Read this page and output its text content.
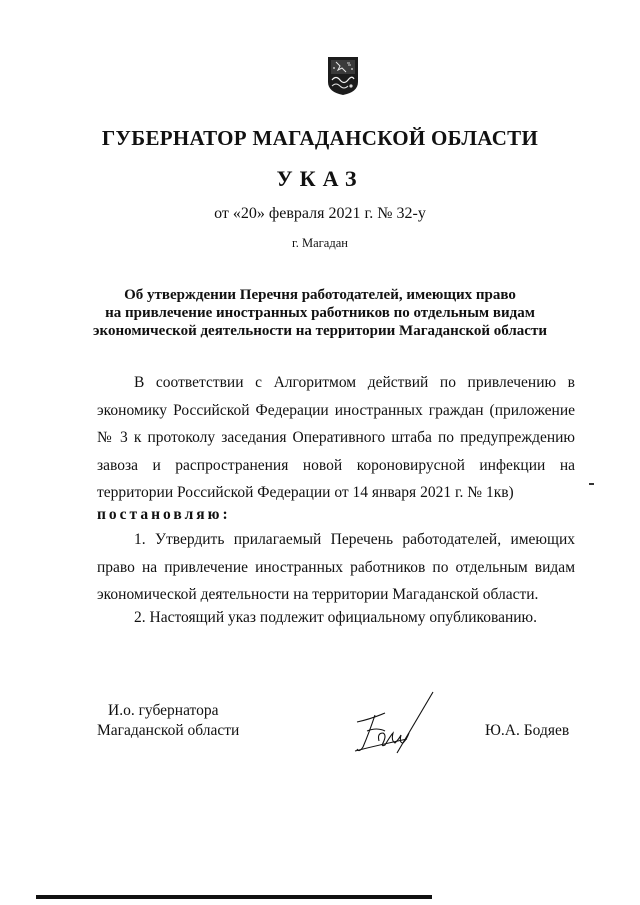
ГУБЕРНАТОР МАГАДАНСКОЙ ОБЛАСТИ
УКАЗ
от «20» февраля 2021 г. № 32-у
г. Магадан
Об утверждении Перечня работодателей, имеющих право
на привлечение иностранных работников по отдельным видам
экономической деятельности на территории Магаданской области

В соответствии с Алгоритмом действий по привлечению в экономику Российской Федерации иностранных граждан (приложение № 3 к протоколу заседания Оперативного штаба по предупреждению завоза и распространения новой короновирусной инфекции на территории Российской Федерации от 14 января 2021 г. № 1кв)

постановляю:

1. Утвердить прилагаемый Перечень работодателей, имеющих право на привлечение иностранных работников по отдельным видам экономической деятельности на территории Магаданской области.

2. Настоящий указ подлежит официальному опубликованию.

И.о. губернатора
Магаданской области	Ю.А. Бодяев
